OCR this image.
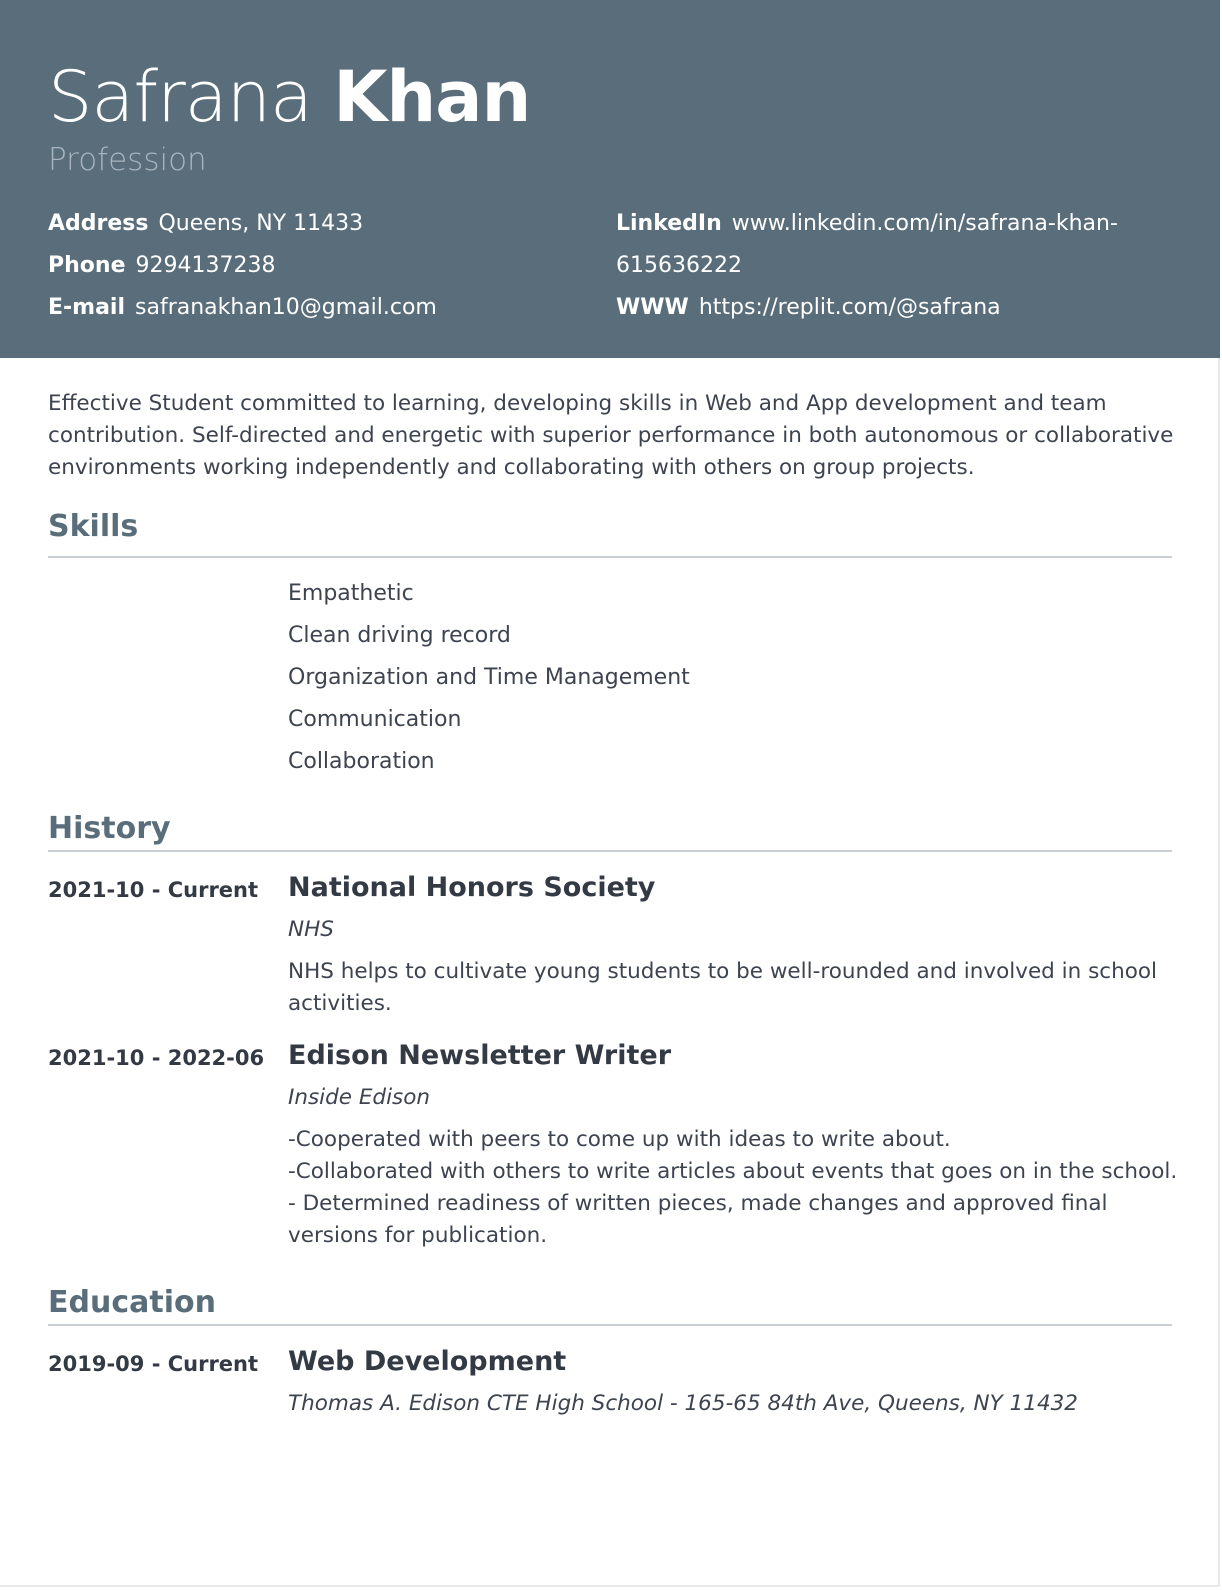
Safrana Khan
Profession
Address Queens, NY 11433
Phone 9294137238
E-mail safranakhan10@gmail.com
LinkedIn www.linkedin.com/in/safrana-khan-
615636222
WWW https://replit.com/@safrana
Effective Student committed to learning, developing skills in Web and App development and team contribution. Self-directed and energetic with superior performance in both autonomous or collaborative environments working independently and collaborating with others on group projects.
Skills
Empathetic
Clean driving record
Organization and Time Management
Communication
Collaboration
History
2021-10 - Current National Honors Society
NHS
NHS helps to cultivate young students to be well-rounded and involved in school activities.
2021-10 - 2022-06 Edison Newsletter Writer
Inside Edison
-Cooperated with peers to come up with ideas to write about.
-Collaborated with others to write articles about events that goes on in the school.
- Determined readiness of written pieces, made changes and approved final versions for publication.
Education
2019-09 - Current Web Development
Thomas A. Edison CTE High School - 165-65 84th Ave, Queens, NY 11432
